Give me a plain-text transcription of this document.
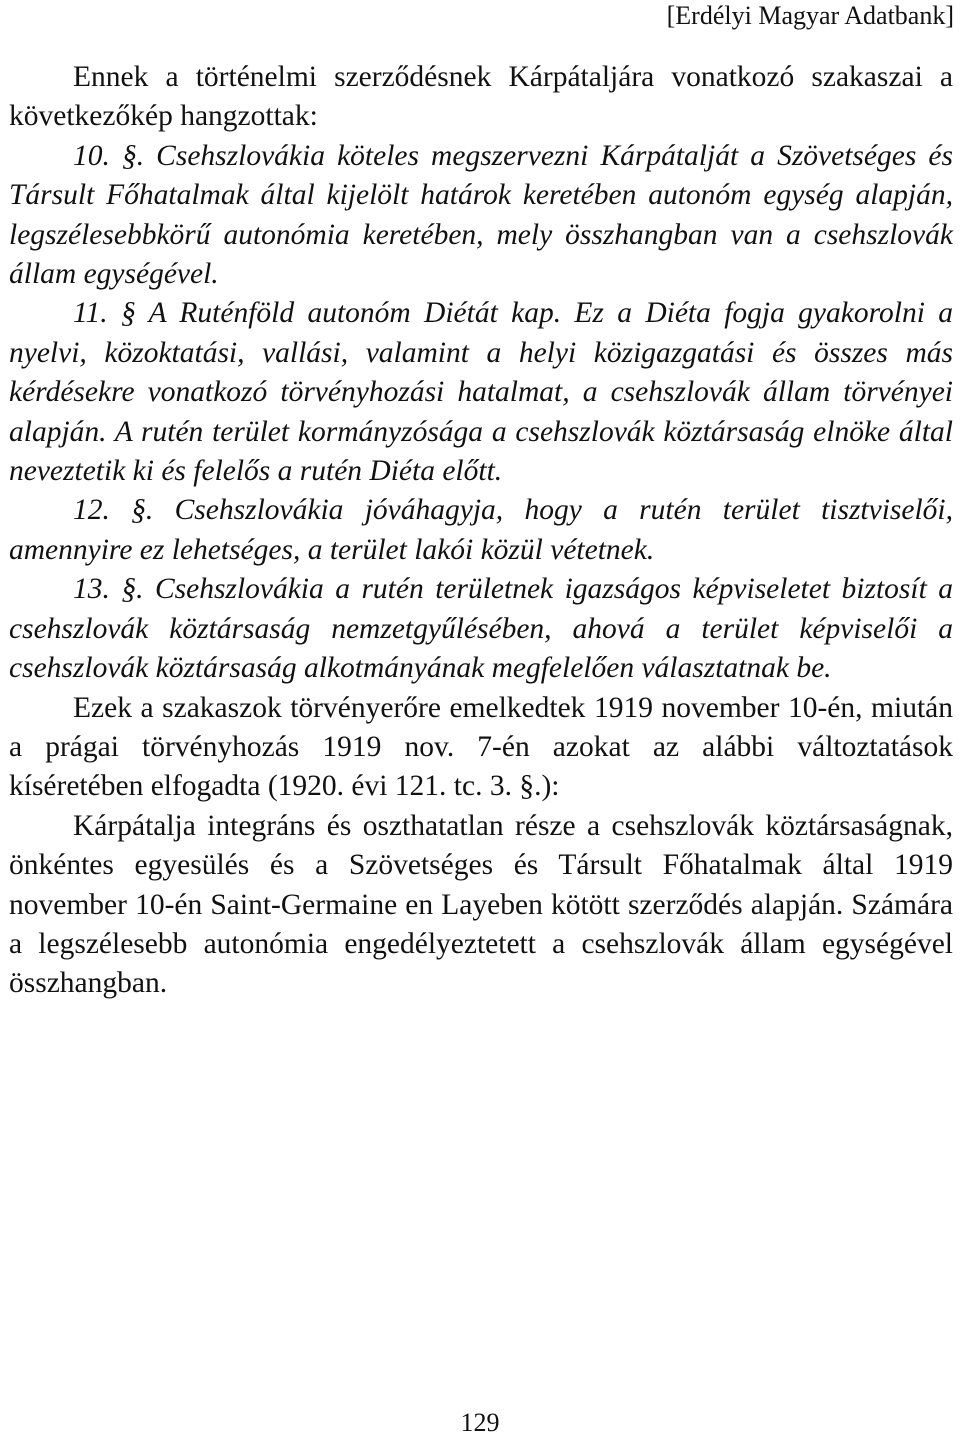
[Erdélyi Magyar Adatbank]

Ennek a történelmi szerződésnek Kárpátaljára vonatkozó szakaszai a következőkép hangzottak:

10. §. Csehszlovákia köteles megszervezni Kárpátalját a Szövetséges és Társult Főhatalmak által kijelölt határok keretében autonóm egység alapján, legszélesebbkörű autonómia keretében, mely összhangban van a csehszlovák állam egységével.

11. § A Ruténföld autonóm Diétát kap. Ez a Diéta fogja gyakorolni a nyelvi, közoktatási, vallási, valamint a helyi közigazgatási és összes más kérdésekre vonatkozó törvényhozási hatalmat, a csehszlovák állam törvényei alapján. A rutén terület kormányzósága a csehszlovák köztársaság elnöke által neveztetik ki és felelős a rutén Diéta előtt.

12. §. Csehszlovákia jóváhagyja, hogy a rutén terület tisztviselői, amennyire ez lehetséges, a terület lakói közül vétetnek.

13. §. Csehszlovákia a rutén területnek igazságos képviseletet biztosít a csehszlovák köztársaság nemzetgyűlésében, ahová a terület képviselői a csehszlovák köztársaság alkotmányának megfelelően választatnak be.

Ezek a szakaszok törvényerőre emelkedtek 1919 november 10-én, miután a prágai törvényhozás 1919 nov. 7-én azokat az alábbi változtatások kíséretében elfogadta (1920. évi 121. tc. 3. §.):

Kárpátalja integráns és oszthatatlan része a csehszlovák köztársaságnak, önkéntes egyesülés és a Szövetséges és Társult Főhatalmak által 1919 november 10-én Saint-Germaine en Layeben kötött szerződés alapján. Számára a legszélesebb autonómia engedélyeztetett a csehszlovák állam egységével összhangban.

129
